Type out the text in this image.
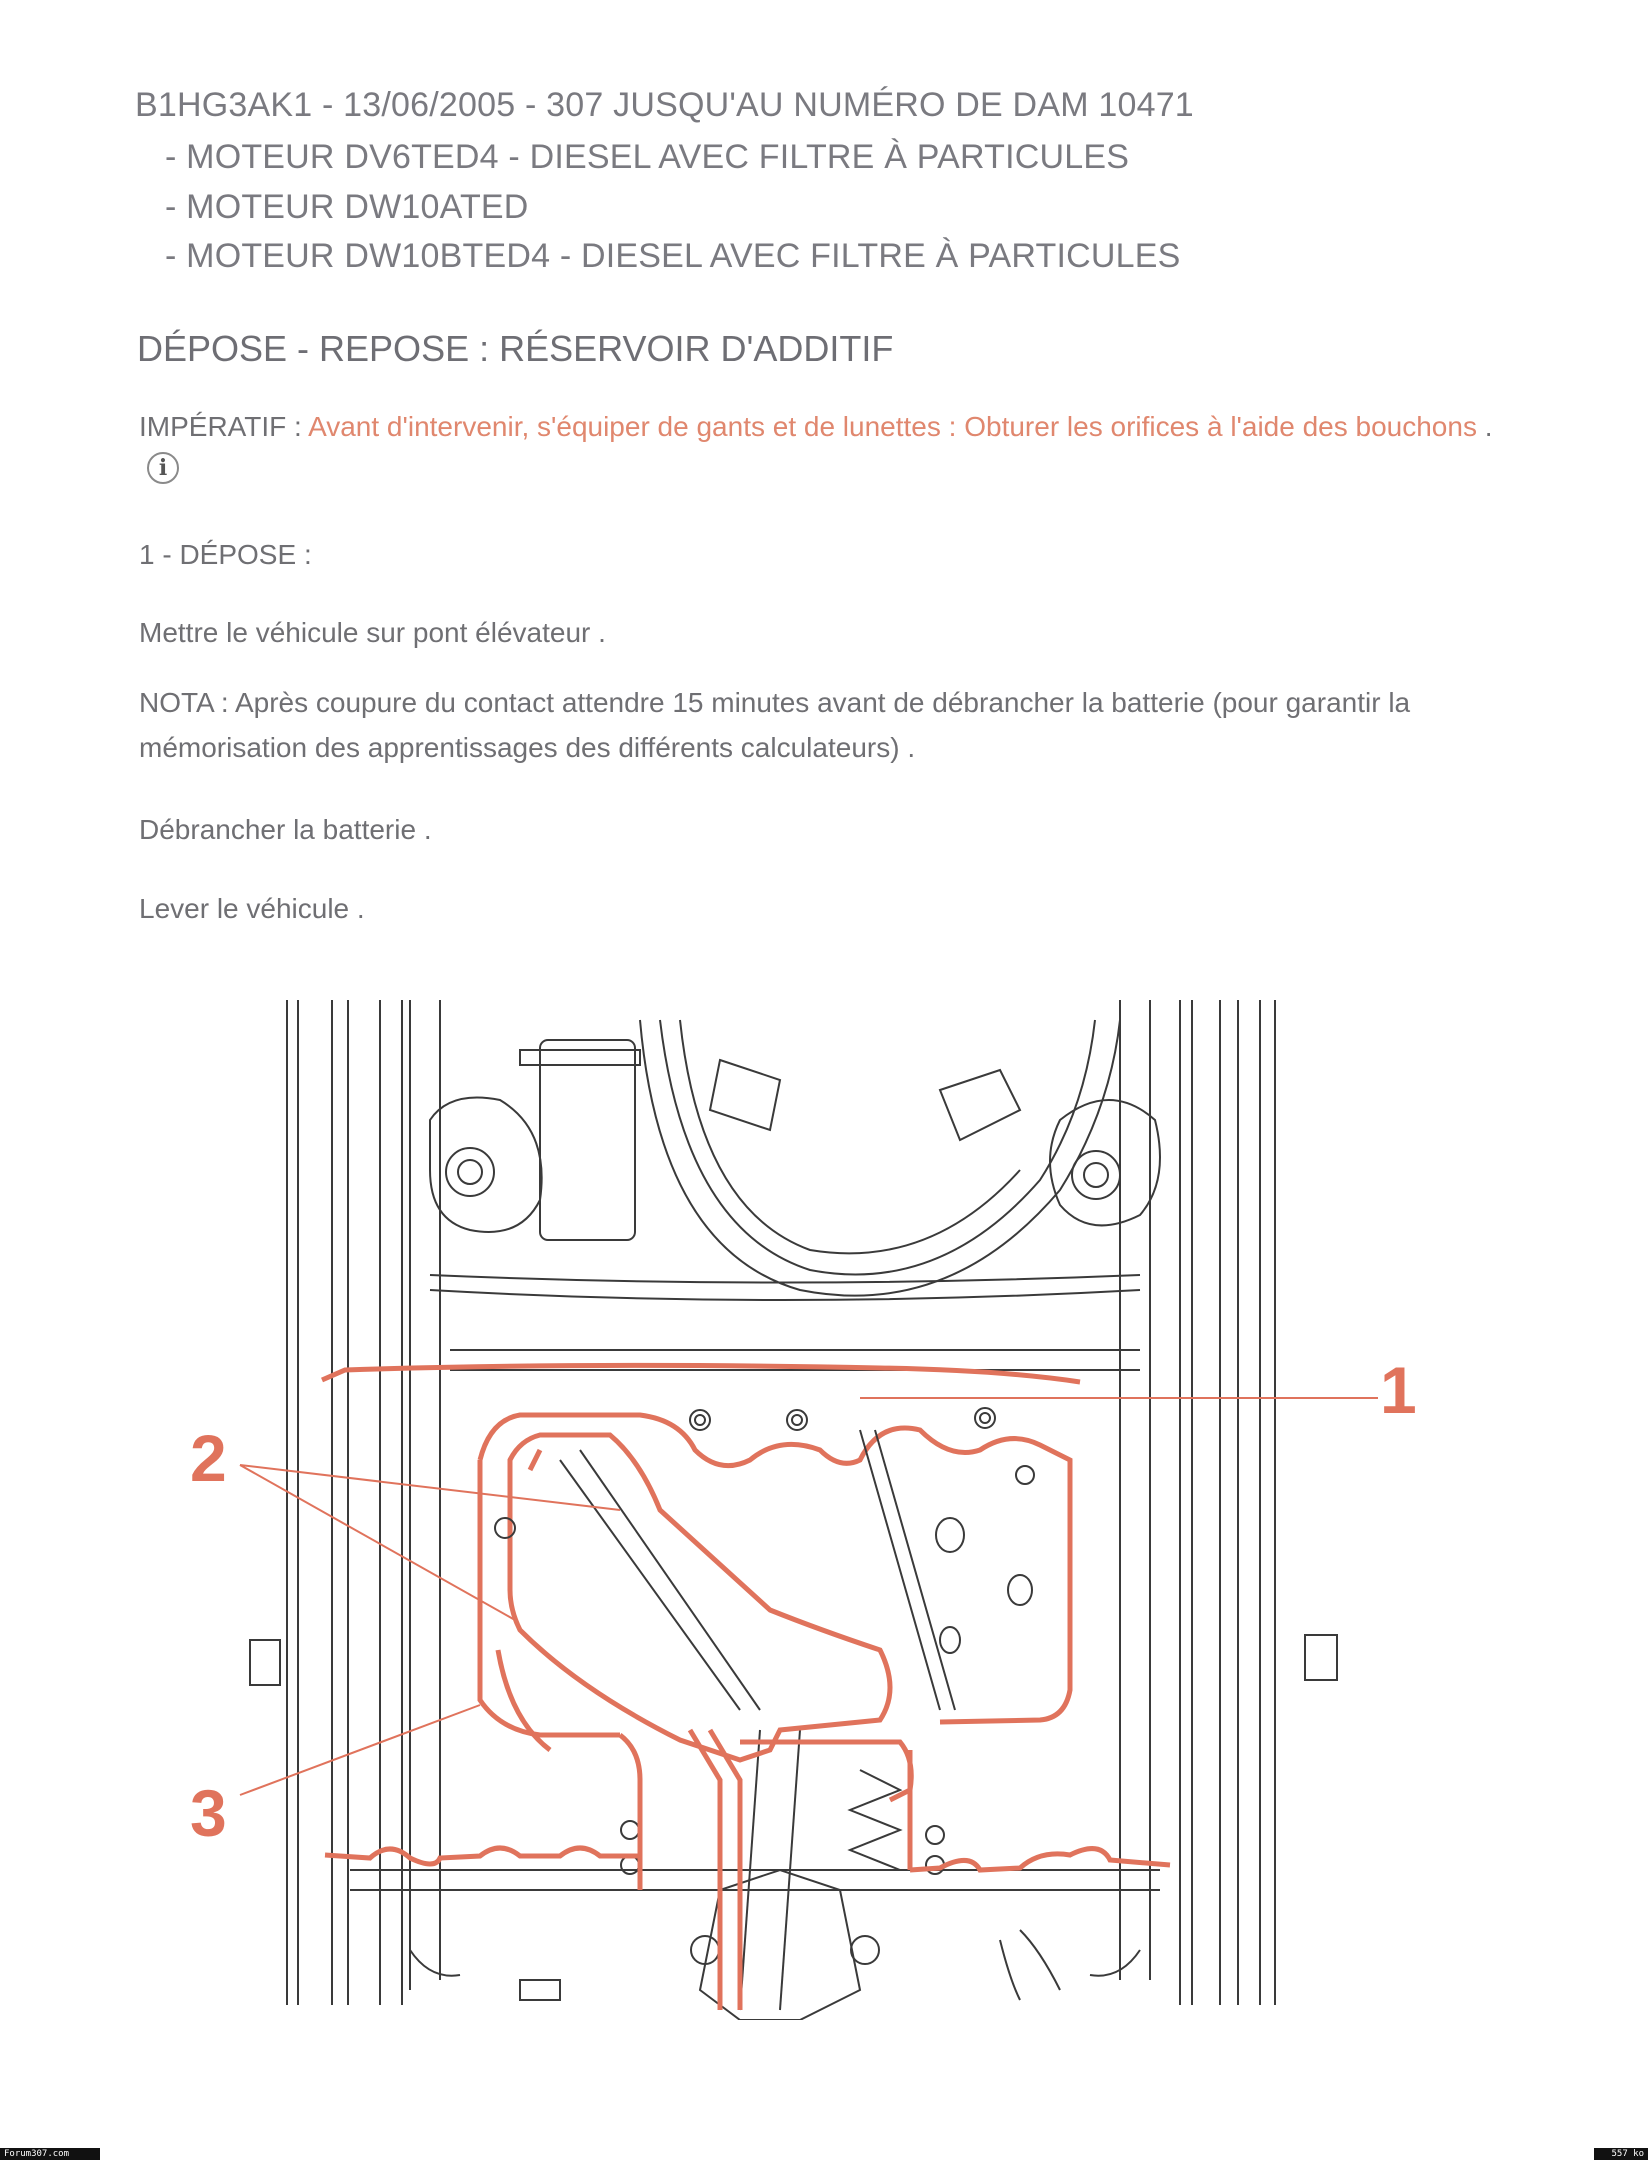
B1HG3AK1 - 13/06/2005 - 307 JUSQU'AU NUMÉRO DE DAM 10471
- MOTEUR DV6TED4 - DIESEL AVEC FILTRE À PARTICULES
- MOTEUR DW10ATED
- MOTEUR DW10BTED4 - DIESEL AVEC FILTRE À PARTICULES
DÉPOSE - REPOSE : RÉSERVOIR D'ADDITIF
IMPÉRATIF : Avant d'intervenir, s'équiper de gants et de lunettes : Obturer les orifices à l'aide des bouchons .i
1 - DÉPOSE :
Mettre le véhicule sur pont élévateur .
NOTA : Après coupure du contact attendre 15 minutes avant de débrancher la batterie (pour garantir la mémorisation des apprentissages des différents calculateurs) .
Débrancher la batterie .
Lever le véhicule .
1
2
3
Forum307.com	557 ko
